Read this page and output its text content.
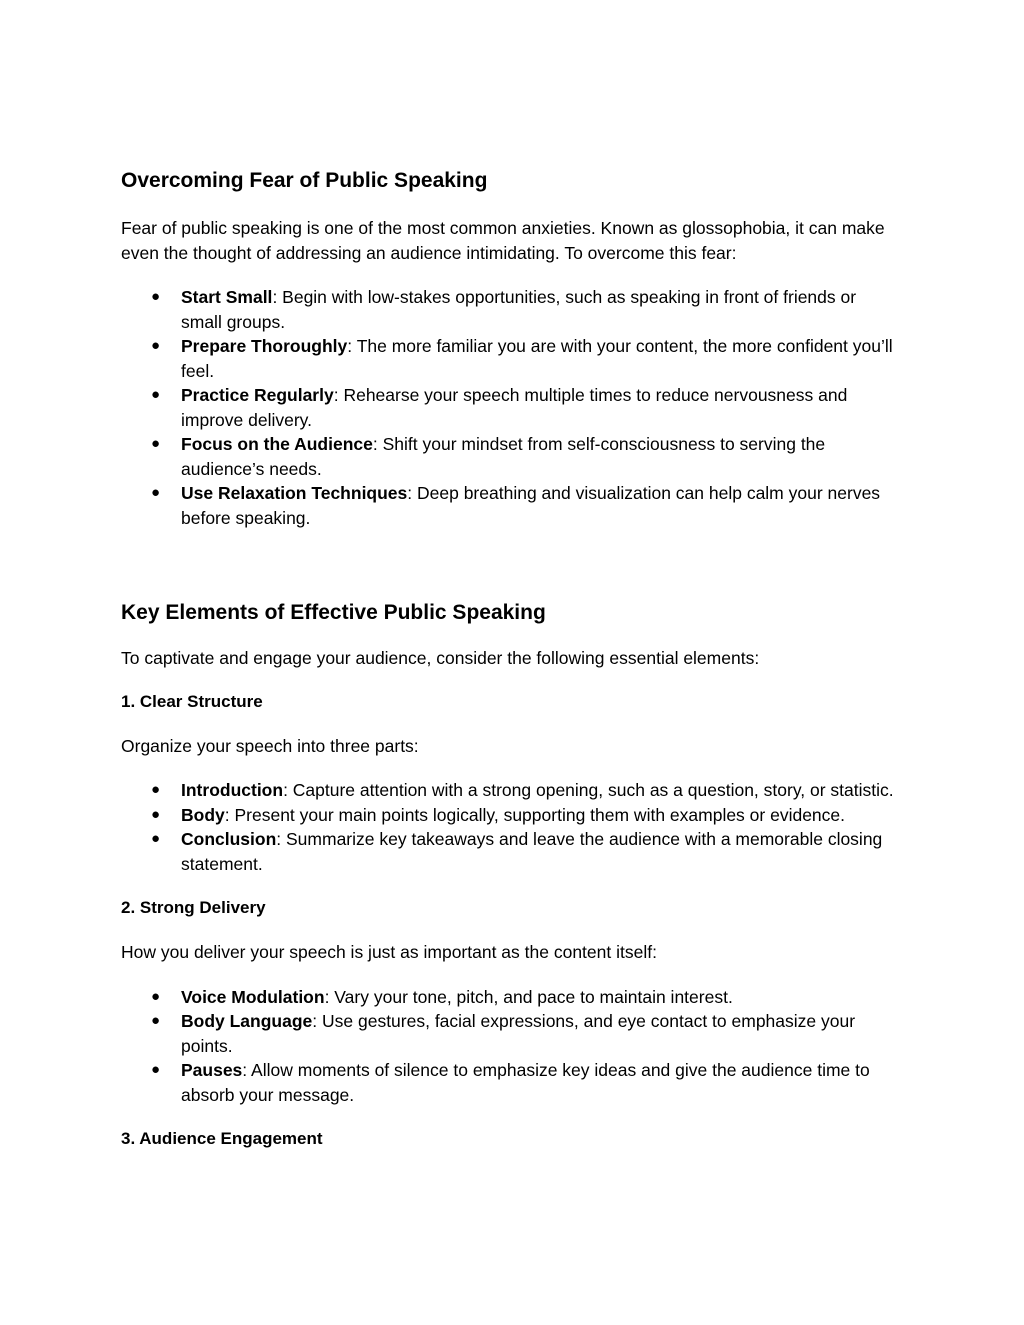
Overcoming Fear of Public Speaking

Fear of public speaking is one of the most common anxieties. Known as glossophobia, it can make even the thought of addressing an audience intimidating. To overcome this fear:

● Start Small: Begin with low-stakes opportunities, such as speaking in front of friends or small groups.
● Prepare Thoroughly: The more familiar you are with your content, the more confident you’ll feel.
● Practice Regularly: Rehearse your speech multiple times to reduce nervousness and improve delivery.
● Focus on the Audience: Shift your mindset from self-consciousness to serving the audience’s needs.
● Use Relaxation Techniques: Deep breathing and visualization can help calm your nerves before speaking.
Key Elements of Effective Public Speaking

To captivate and engage your audience, consider the following essential elements:

1. Clear Structure

Organize your speech into three parts:

● Introduction: Capture attention with a strong opening, such as a question, story, or statistic.
● Body: Present your main points logically, supporting them with examples or evidence.
● Conclusion: Summarize key takeaways and leave the audience with a memorable closing statement.
2. Strong Delivery

How you deliver your speech is just as important as the content itself:

● Voice Modulation: Vary your tone, pitch, and pace to maintain interest.
● Body Language: Use gestures, facial expressions, and eye contact to emphasize your points.
● Pauses: Allow moments of silence to emphasize key ideas and give the audience time to absorb your message.
3. Audience Engagement
